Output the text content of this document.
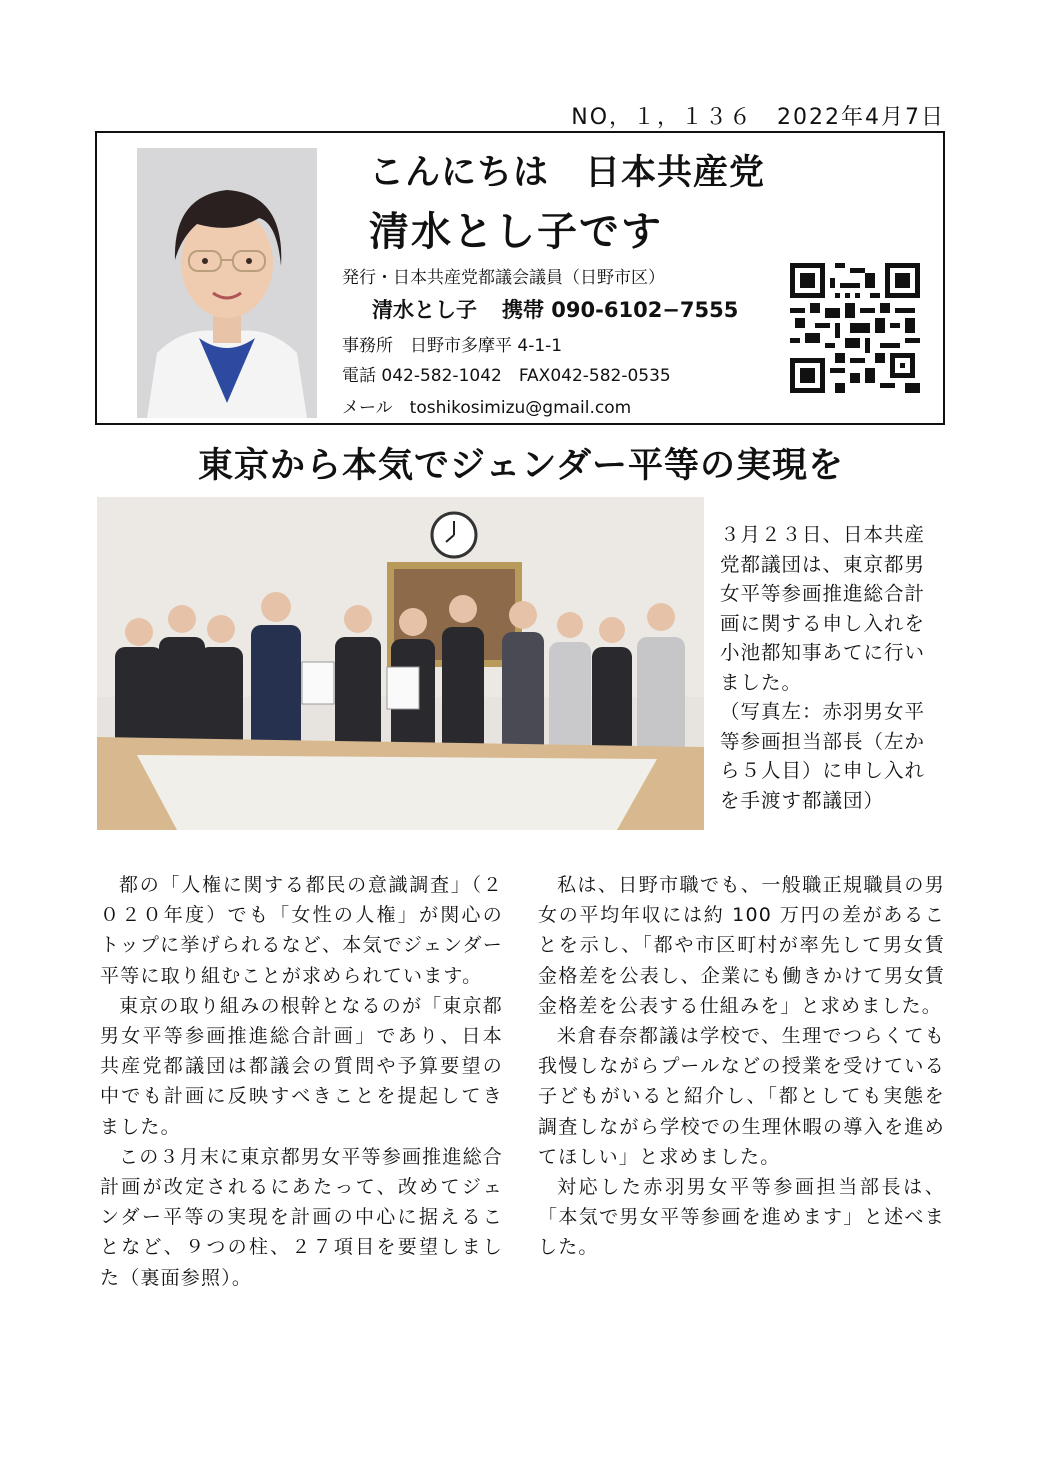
NO，１，１３６　2022年4月7日
こんにちは　日本共産党
清水とし子です
発行・日本共産党都議会議員（日野市区）
清水とし子 携帯 090-6102−7555
事務所　日野市多摩平 4-1-1
電話 042-582-1042　FAX042-582-0535
メール　toshikosimizu@gmail.com
東京から本気でジェンダー平等の実現を

３月２３日、日本共産党都議団は、東京都男女平等参画推進総合計画に関する申し入れを小池都知事あてに行いました。

（写真左：赤羽男女平等参画担当部長（左から５人目）に申し入れを手渡す都議団）

都の「人権に関する都民の意識調査」（２０２０年度）でも「女性の人権」が関心のトップに挙げられるなど、本気でジェンダー平等に取り組むことが求められています。

東京の取り組みの根幹となるのが「東京都男女平等参画推進総合計画」であり、日本共産党都議団は都議会の質問や予算要望の中でも計画に反映すべきことを提起してきました。

この３月末に東京都男女平等参画推進総合計画が改定されるにあたって、改めてジェンダー平等の実現を計画の中心に据えることなど、９つの柱、２７項目を要望しました（裏面参照）。

私は、日野市職でも、一般職正規職員の男女の平均年収には約 100 万円の差があることを示し、「都や市区町村が率先して男女賃金格差を公表し、企業にも働きかけて男女賃金格差を公表する仕組みを」と求めました。

米倉春奈都議は学校で、生理でつらくても我慢しながらプールなどの授業を受けている子どもがいると紹介し、「都としても実態を調査しながら学校での生理休暇の導入を進めてほしい」と求めました。

対応した赤羽男女平等参画担当部長は、「本気で男女平等参画を進めます」と述べました。
